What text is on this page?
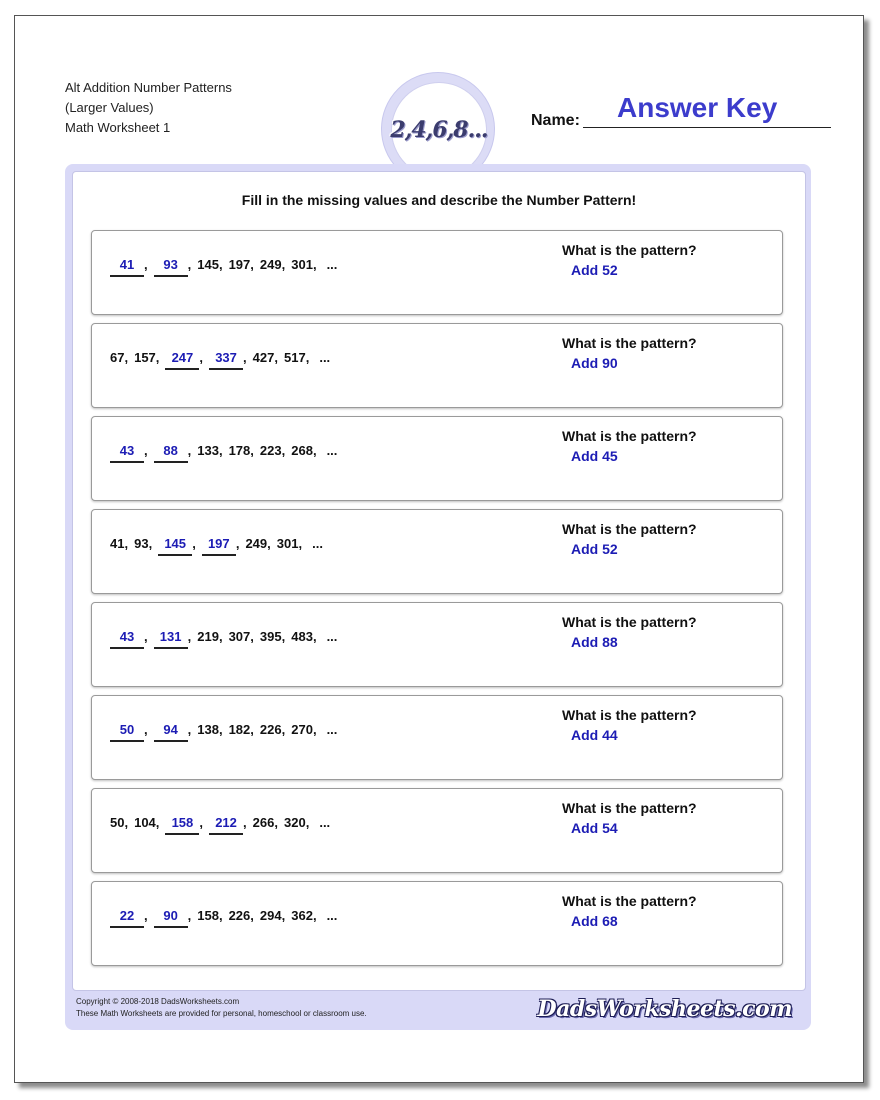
Alt Addition Number Patterns
(Larger Values)
Math Worksheet 1	2,4,6,8...	Name: Answer Key
Fill in the missing values and describe the Number Pattern!
41 , 93 , 145, 197, 249, 301, ...
What is the pattern?
Add 52
67, 157, 247 , 337 , 427, 517, ...
What is the pattern?
Add 90
43 , 88 , 133, 178, 223, 268, ...
What is the pattern?
Add 45
41, 93, 145 , 197 , 249, 301, ...
What is the pattern?
Add 52
43 , 131 , 219, 307, 395, 483, ...
What is the pattern?
Add 88
50 , 94 , 138, 182, 226, 270, ...
What is the pattern?
Add 44
50, 104, 158 , 212 , 266, 320, ...
What is the pattern?
Add 54
22 , 90 , 158, 226, 294, 362, ...
What is the pattern?
Add 68
Copyright © 2008-2018 DadsWorksheets.com
These Math Worksheets are provided for personal, homeschool or classroom use.	DadsWorksheets.com
